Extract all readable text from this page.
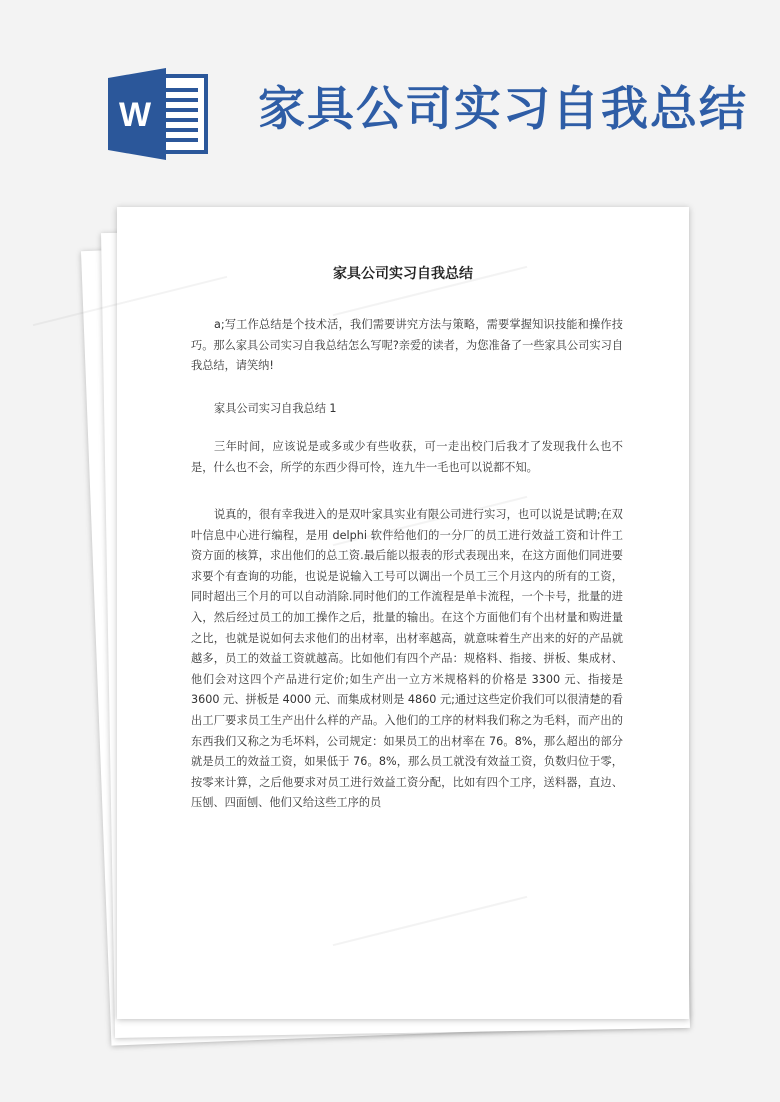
W 家具公司实习自我总结
家具公司实习自我总结

a;写工作总结是个技术活，我们需要讲究方法与策略，需要掌握知识技能和操作技巧。那么家具公司实习自我总结怎么写呢?亲爱的读者，为您准备了一些家具公司实习自我总结，请笑纳!

家具公司实习自我总结 1

三年时间，应该说是或多或少有些收获，可一走出校门后我才了发现我什么也不是，什么也不会，所学的东西少得可怜，连九牛一毛也可以说都不知。

说真的，很有幸我进入的是双叶家具实业有限公司进行实习，也可以说是试聘;在双叶信息中心进行编程，是用 delphi 软件给他们的一分厂的员工进行效益工资和计件工资方面的核算，求出他们的总工资.最后能以报表的形式表现出来，在这方面他们同进要求要个有查询的功能，也说是说输入工号可以调出一个员工三个月这内的所有的工资，同时超出三个月的可以自动消除.同时他们的工作流程是单卡流程，一个卡号，批量的进入，然后经过员工的加工操作之后，批量的输出。在这个方面他们有个出材量和购进量之比，也就是说如何去求他们的出材率，出材率越高，就意味着生产出来的好的产品就越多，员工的效益工资就越高。比如他们有四个产品：规格料、指接、拼板、集成材、 他们会对这四个产品进行定价;如生产出一立方米规格料的价格是 3300 元、指接是 3600 元、拼板是 4000 元、而集成材则是 4860 元;通过这些定价我们可以很清楚的看出工厂要求员工生产出什么样的产品。入他们的工序的材料我们称之为毛料，而产出的东西我们又称之为毛坏料，公司规定：如果员工的出材率在 76。8%，那么超出的部分就是员工的效益工资，如果低于 76。8%，那么员工就没有效益工资，负数归位于零，按零来计算，之后他要求对员工进行效益工资分配，比如有四个工序，送料器，直边、压刨、四面刨、他们又给这些工序的员
